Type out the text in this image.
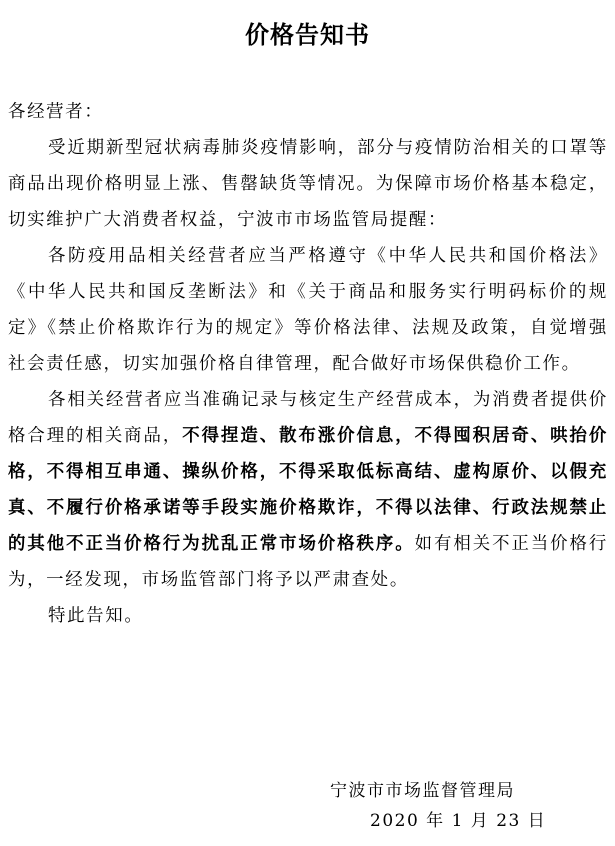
价格告知书

各经营者：

受近期新型冠状病毒肺炎疫情影响，部分与疫情防治相关的口罩等商品出现价格明显上涨、售罄缺货等情况。为保障市场价格基本稳定，切实维护广大消费者权益，宁波市市场监管局提醒：

各防疫用品相关经营者应当严格遵守《中华人民共和国价格法》《中华人民共和国反垄断法》和《关于商品和服务实行明码标价的规定》《禁止价格欺诈行为的规定》等价格法律、法规及政策，自觉增强社会责任感，切实加强价格自律管理，配合做好市场保供稳价工作。

各相关经营者应当准确记录与核定生产经营成本，为消费者提供价格合理的相关商品，不得捏造、散布涨价信息，不得囤积居奇、哄抬价格，不得相互串通、操纵价格，不得采取低标高结、虚构原价、以假充真、不履行价格承诺等手段实施价格欺诈，不得以法律、行政法规禁止的其他不正当价格行为扰乱正常市场价格秩序。如有相关不正当价格行为，一经发现，市场监管部门将予以严肃查处。

特此告知。

宁波市市场监督管理局
2020 年 1 月 23 日
